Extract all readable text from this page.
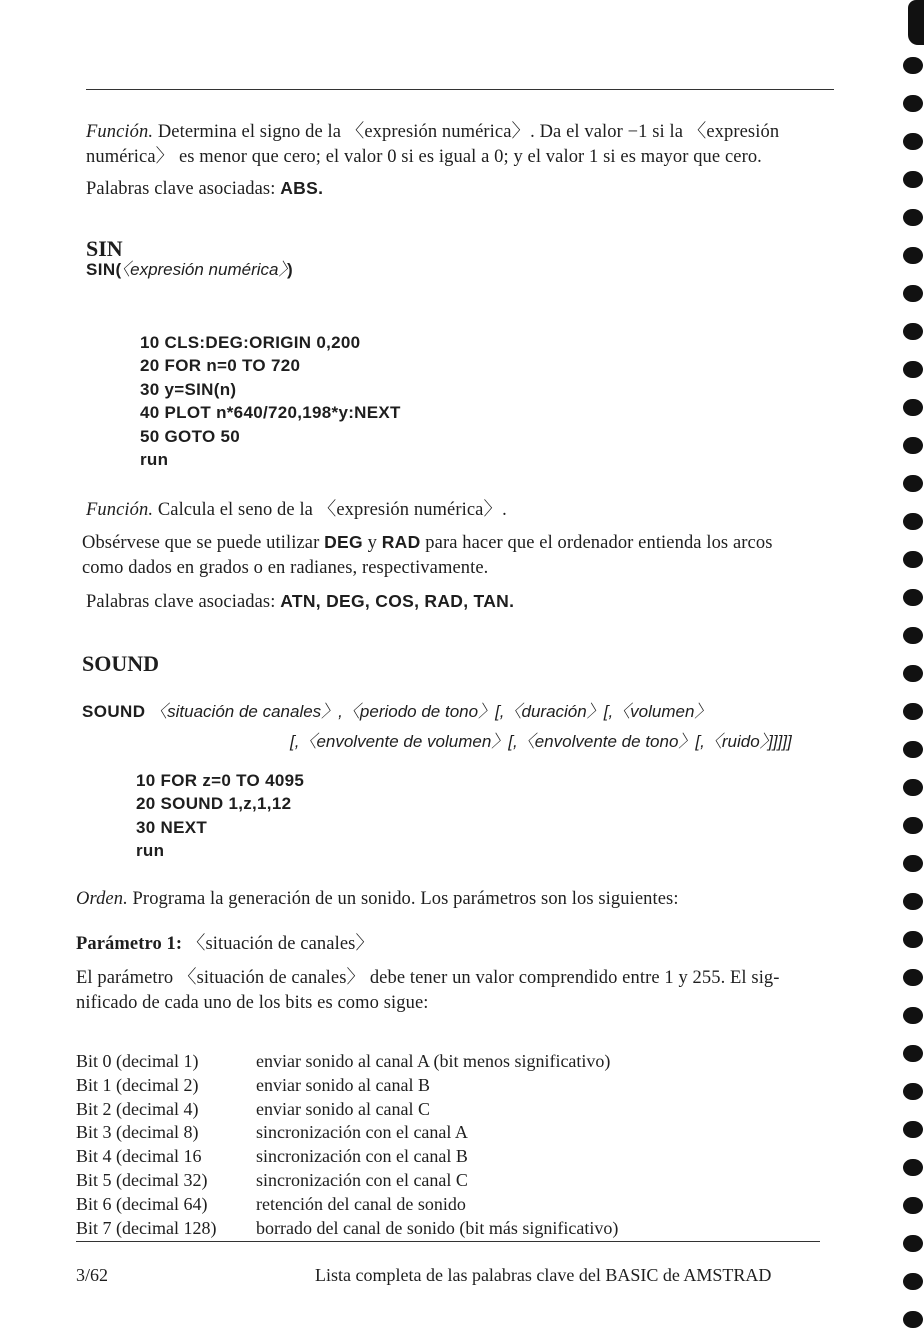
Función. Determina el signo de la 〈expresión numérica〉. Da el valor −1 si la 〈expresión
numérica〉 es menor que cero; el valor 0 si es igual a 0; y el valor 1 si es mayor que cero.
Palabras clave asociadas: ABS.
SIN
SIN(〈expresión numérica〉)
10 CLS:DEG:ORIGIN 0,200
20 FOR n=0 TO 720
30 y=SIN(n)
40 PLOT n*640/720,198*y:NEXT
50 GOTO 50
run
Función. Calcula el seno de la 〈expresión numérica〉.
Obsérvese que se puede utilizar DEG y RAD para hacer que el ordenador entienda los arcos
como dados en grados o en radianes, respectivamente.
Palabras clave asociadas: ATN, DEG, COS, RAD, TAN.
SOUND
SOUND 〈situación de canales〉,〈periodo de tono〉[,〈duración〉[,〈volumen〉
[,〈envolvente de volumen〉[,〈envolvente de tono〉[,〈ruido〉]]]]]
10 FOR z=0 TO 4095
20 SOUND 1,z,1,12
30 NEXT
run
Orden. Programa la generación de un sonido. Los parámetros son los siguientes:
Parámetro 1: 〈situación de canales〉
El parámetro 〈situación de canales〉 debe tener un valor comprendido entre 1 y 255. El sig-
nificado de cada uno de los bits es como sigue:
Bit 0 (decimal 1)	enviar sonido al canal A (bit menos significativo)
Bit 1 (decimal 2)	enviar sonido al canal B
Bit 2 (decimal 4)	enviar sonido al canal C
Bit 3 (decimal 8)	sincronización con el canal A
Bit 4 (decimal 16	sincronización con el canal B
Bit 5 (decimal 32)	sincronización con el canal C
Bit 6 (decimal 64)	retención del canal de sonido
Bit 7 (decimal 128)	borrado del canal de sonido (bit más significativo)
3/62	Lista completa de las palabras clave del BASIC de AMSTRAD
